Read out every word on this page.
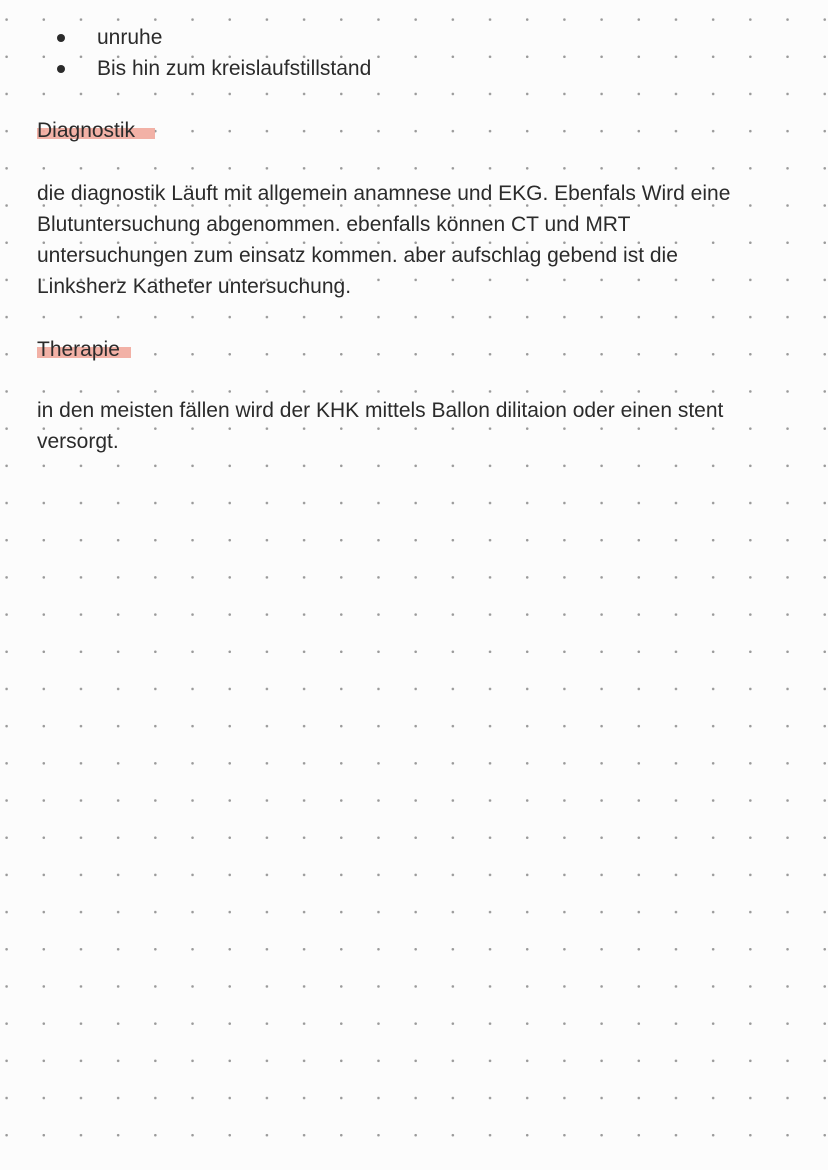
unruhe
Bis hin zum kreislaufstillstand
Diagnostik

die diagnostik Läuft mit allgemein anamnese und EKG. Ebenfals Wird eine Blutuntersuchung abgenommen. ebenfalls können CT und MRT untersuchungen zum einsatz kommen. aber aufschlag gebend ist die Linksherz Katheter untersuchung.

Therapie

in den meisten fällen wird der KHK mittels Ballon dilitaion oder einen stent versorgt.
